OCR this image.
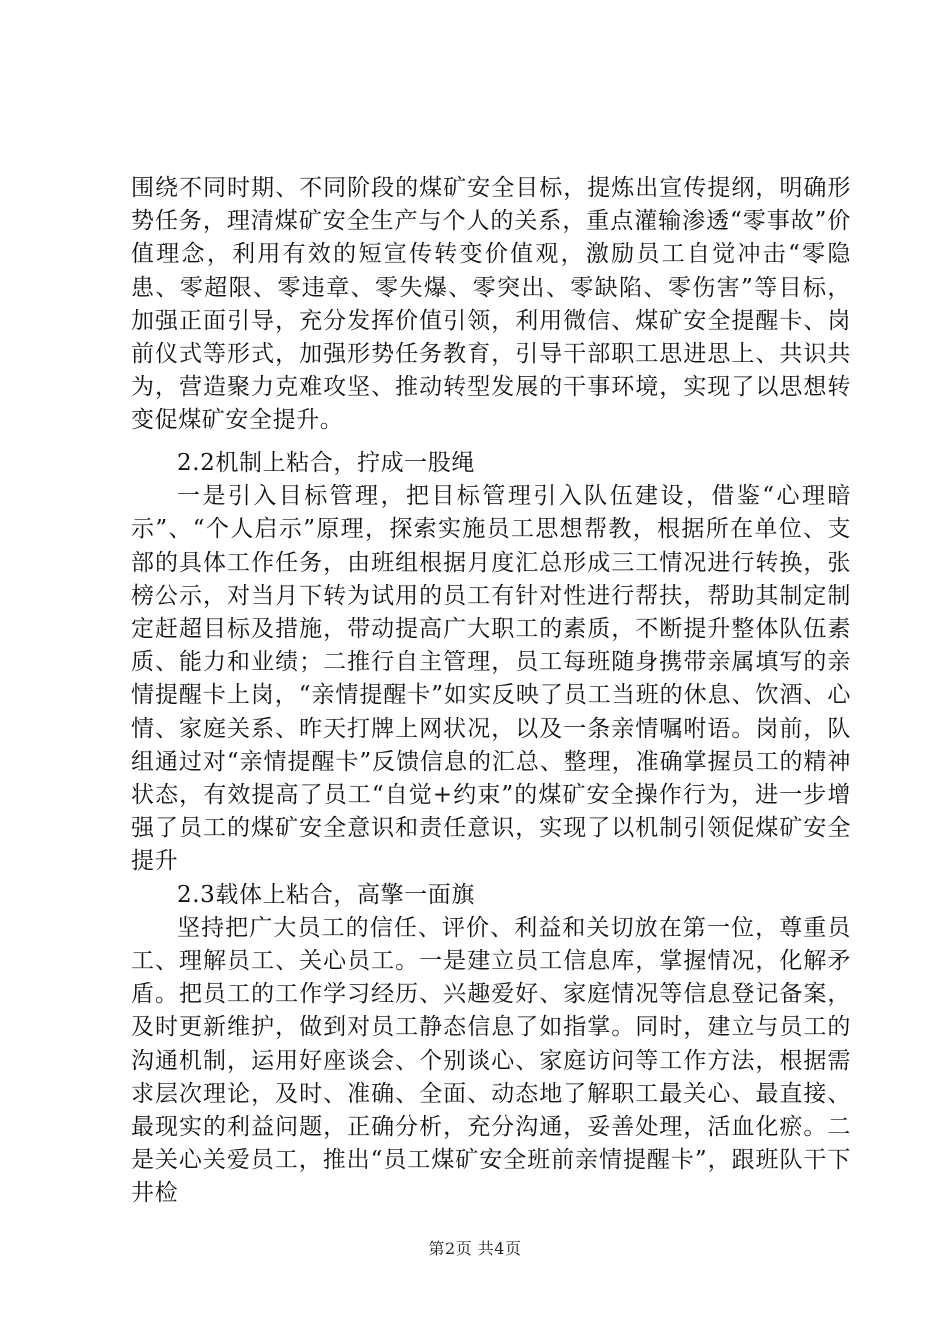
围绕不同时期、不同阶段的煤矿安全目标，提炼出宣传提纲，明确形势任务，理清煤矿安全生产与个人的关系，重点灌输渗透“零事故”价值理念，利用有效的短宣传转变价值观，激励员工自觉冲击“零隐患、零超限、零违章、零失爆、零突出、零缺陷、零伤害”等目标，加强正面引导，充分发挥价值引领，利用微信、煤矿安全提醒卡、岗前仪式等形式，加强形势任务教育，引导干部职工思进思上、共识共为，营造聚力克难攻坚、推动转型发展的干事环境，实现了以思想转变促煤矿安全提升。

2.2机制上粘合，拧成一股绳

一是引入目标管理，把目标管理引入队伍建设，借鉴“心理暗示”、“个人启示”原理，探索实施员工思想帮教，根据所在单位、支部的具体工作任务，由班组根据月度汇总形成三工情况进行转换，张榜公示，对当月下转为试用的员工有针对性进行帮扶，帮助其制定制定赶超目标及措施，带动提高广大职工的素质，不断提升整体队伍素质、能力和业绩；二推行自主管理，员工每班随身携带亲属填写的亲情提醒卡上岗，“亲情提醒卡”如实反映了员工当班的休息、饮酒、心情、家庭关系、昨天打牌上网状况，以及一条亲情嘱咐语。岗前，队组通过对“亲情提醒卡”反馈信息的汇总、整理，准确掌握员工的精神状态，有效提高了员工“自觉+约束”的煤矿安全操作行为，进一步增强了员工的煤矿安全意识和责任意识，实现了以机制引领促煤矿安全提升

2.3载体上粘合，高擎一面旗

坚持把广大员工的信任、评价、利益和关切放在第一位，尊重员工、理解员工、关心员工。一是建立员工信息库，掌握情况，化解矛盾。把员工的工作学习经历、兴趣爱好、家庭情况等信息登记备案，及时更新维护，做到对员工静态信息了如指掌。同时，建立与员工的沟通机制，运用好座谈会、个别谈心、家庭访问等工作方法，根据需求层次理论，及时、准确、全面、动态地了解职工最关心、最直接、最现实的利益问题，正确分析，充分沟通，妥善处理，活血化瘀。二是关心关爱员工，推出“员工煤矿安全班前亲情提醒卡”，跟班队干下井检

第2页 共4页
